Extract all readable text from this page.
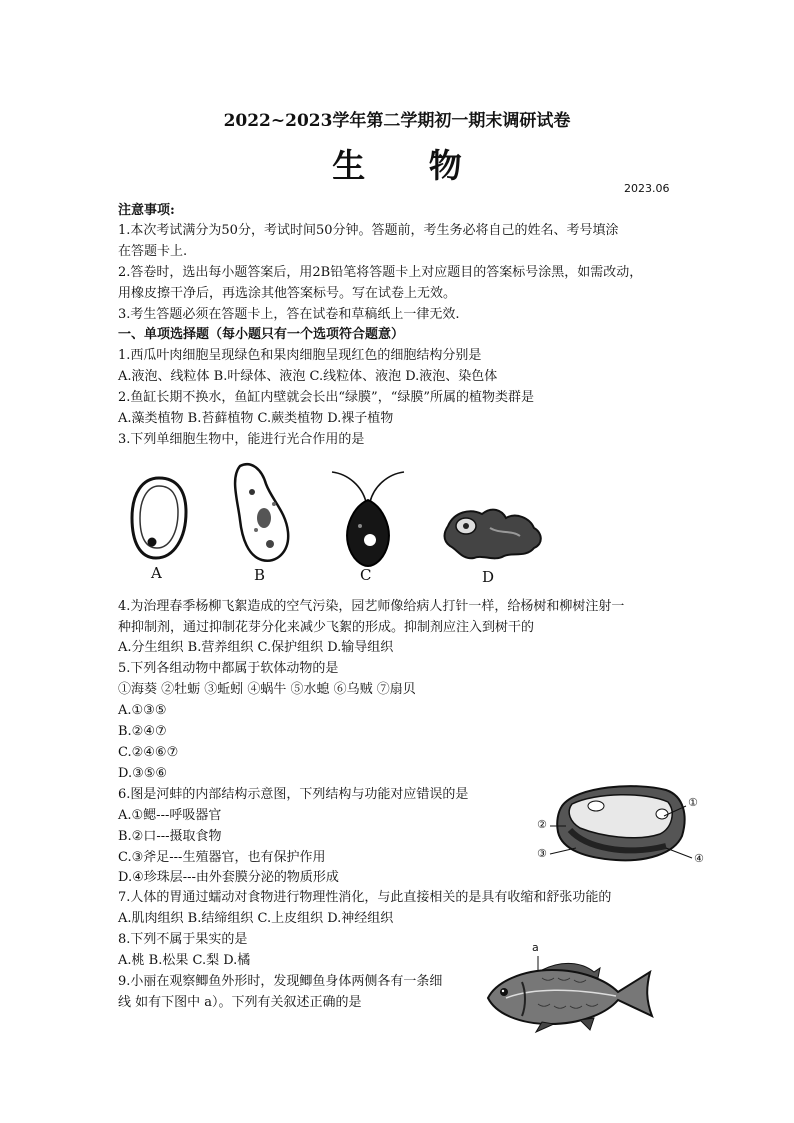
2022~2023学年第二学期初一期末调研试卷
生 物
2023.06
注意事项:
1.本次考试满分为50分，考试时间50分钟。答题前，考生务必将自己的姓名、考号填涂
在答题卡上.
2.答卷时，选出每小题答案后，用2B铅笔将答题卡上对应题目的答案标号涂黑，如需改动，
用橡皮擦干净后，再选涂其他答案标号。写在试卷上无效。
3.考生答题必须在答题卡上，答在试卷和草稿纸上一律无效.
一、单项选择题（每小题只有一个选项符合题意）
1.西瓜叶肉细胞呈现绿色和果肉细胞呈现红色的细胞结构分别是
A.液泡、线粒体 B.叶绿体、液泡 C.线粒体、液泡 D.液泡、染色体
2.鱼缸长期不换水，鱼缸内壁就会长出“绿膜”，“绿膜”所属的植物类群是
A.藻类植物 B.苔藓植物 C.蕨类植物 D.裸子植物
3.下列单细胞生物中，能进行光合作用的是
A	B	C	D
4.为治理春季杨柳飞絮造成的空气污染，园艺师像给病人打针一样，给杨树和柳树注射一
种抑制剂，通过抑制花芽分化来减少飞絮的形成。抑制剂应注入到树干的
A.分生组织 B.营养组织 C.保护组织 D.输导组织
5.下列各组动物中都属于软体动物的是
①海葵 ②牡蛎 ③蚯蚓 ④蜗牛 ⑤水螅 ⑥乌贼 ⑦扇贝
A.①③⑤
B.②④⑦
C.②④⑥⑦
D.③⑤⑥
6.图是河蚌的内部结构示意图，下列结构与功能对应错误的是
A.①鳃---呼吸器官
B.②口---摄取食物
C.③斧足---生殖器官，也有保护作用
D.④珍珠层---由外套膜分泌的物质形成
①
②
③	④
7.人体的胃通过蠕动对食物进行物理性消化，与此直接相关的是具有收缩和舒张功能的
A.肌肉组织 B.结缔组织 C.上皮组织 D.神经组织
8.下列不属于果实的是
A.桃 B.松果 C.梨 D.橘
9.小丽在观察鲫鱼外形时，发现鲫鱼身体两侧各有一条细
线 如有下图中 a）。下列有关叙述正确的是
a
